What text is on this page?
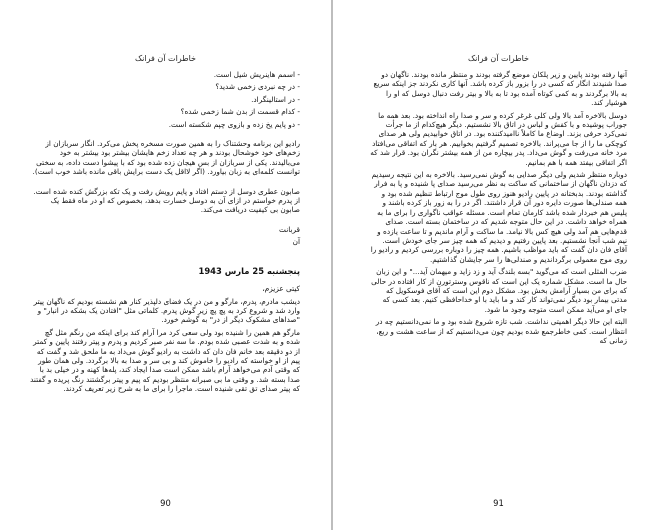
خاطرات آن فرانک

- اسمم هاینریش شیل است.

- در چه نبردی زخمی شدید؟

- در استالینگراد.

- کدام قسمت از بدن شما زخمی شده؟

- دو پایم یخ زده و بازوی چپم شکسته است.

رادیو این برنامه وحشتناک را به همین صورت مسخره پخش می‌کرد. انگار سربازان از زخم‌های خود خوشحال بودند و هر چه تعداد زخم هایشان بیشتر بود بیشتر به خود می‌بالیدند. یکی از سربازان از بس هیجان زده شده بود که با پیشوا دست داده، به سختی توانست کلمه‌ای به زبان بیاورد. (اگر لااقل یک دست برایش باقی مانده باشد خوب است).

صابون عطری دوسل از دستم افتاد و پایم رویش رفت و یک تکه بزرگش کنده شده است. از پدرم خواستم در ازای آن به دوسل خسارت بدهد، بخصوص که او در ماه فقط یک صابون بی کیفیت دریافت می‌کند.

قربانت

آن

پنجشنبه 25 مارس 1943

کیتی عزیزم،

دیشب مادرم، پدرم، مارگو و من در یک فضای دلپذیر کنار هم نشسته بودیم که ناگهان پیتر وارد شد و شروع کرد به پچ پچ زیر گوش پدرم. کلماتی مثل "افتادن یک بشکه در انبار" و "صداهای مشکوک دیگر از در" به گوشم خورد.

مارگو هم همین را شنیده بود ولی سعی کرد مرا آرام کند برای اینکه من رنگم مثل گچ شده و به شدت عصبی شده بودم. ما سه نفر صبر کردیم و پدرم و پیتر رفتند پایین و کمتر از دو دقیقه بعد خانم فان دان که داشت به رادیو گوش می‌داد به ما ملحق شد و گفت که پیم از او خواسته که رادیو را خاموش کند و بی سر و صدا به بالا برگردد. ولی همان طور که وقتی آدم می‌خواهد آرام باشد ممکن است صدا ایجاد کند، پله‌ها کهنه و در خیلی بد با صدا بسته شد. و وقتی ما بی صبرانه منتظر بودیم که پیم و پیتر برگشتند رنگ پریده و گفتند که پیتر صدای تق تقی شنیده است. ماجرا را برای ما به شرح زیر تعریف کردند.

90
خاطرات آن فرانک

آنها رفته بودند پایین و زیر پلکان موضع گرفته بودند و منتظر مانده بودند. ناگهان دو صدا شنیدند انگار که کسی در را بزور باز کرده باشد. آنها کاری نکردند جز اینکه سریع به بالا برگردند و به کمی کوتاه آمده بود تا به بالا و بیتر رفت دنبال دوسل که او را هوشیار کند.

دوسل بالاخره آمد بالا ولی کلی غرغر کرده و سر و صدا راه انداخته بود. بعد همه ما جوراب پوشیده و با کفش و لباس در اتاق بالا نشستیم. دیگر هیچ‌کدام از ما جرأت نمی‌کرد حرفی بزند. اوضاع ما کاملاً ناامیدکننده بود. در اتاق خوابیدیم ولی هر صدای کوچکی ما را از جا می‌پراند. بالاخره تصمیم گرفتیم بخوابیم. هر بار که اتفاقی می‌افتاد مرد خانه می‌رفت و گوش می‌داد. پدر بیچاره من از همه بیشتر نگران بود. قرار شد که اگر اتفاقی بیفتد همه با هم بمانیم.

دوباره منتظر شدیم ولی دیگر صدایی به گوش نمی‌رسید. بالاخره به این نتیجه رسیدیم که دزدان ناگهان از ساختمانی که ساکت به نظر می‌رسید صدای پا شنیده و پا به فرار گذاشته بودند. بدبختانه در پایین رادیو هنوز روی طول موج ارتباط تنظیم شده بود و همه صندلی‌ها صورت دایره دور آن قرار داشتند. اگر در را به زور باز کرده باشند و پلیس هم خبردار شده باشد کارمان تمام است. مسئله عواقب ناگواری را برای ما به همراه خواهد داشت. در این حال متوجه شدیم که در ساختمان بسته است. صدای قدم‌هایی هم آمد ولی هیچ کس بالا نیامد. ما ساکت و آرام ماندیم و تا ساعت یازده و نیم شب آنجا نشستیم. بعد پایین رفتیم و دیدیم که همه چیز سر جای خودش است. آقای فان دان گفت که باید مواظب باشیم. همه چیز را دوباره بررسی کردیم و رادیو را روی موج معمولی برگرداندیم و صندلی‌ها را سر جایشان گذاشتیم.

ضرب المثلی است که می‌گوید "بسه بلندگ آید و زد زاید و میهمان آید..." و این زبان حال ما است. مشکل شماره یک این است که ناقوس وسترتورن از کار افتاده در حالی که برای من بسیار آرامش بخش بود. مشکل دوم این است که آقای فوسکویل که مدتی بیمار بود دیگر نمی‌تواند کار کند و ما باید با او خداحافظی کنیم. بعد کسی که جای او می‌آید ممکن است متوجه وجود ما شود.

البته این حالا دیگر اهمیتی نداشت. شب تازه شروع شده بود و ما نمی‌دانستیم چه در انتظار است. کمی خاطرجمع شده بودیم چون می‌دانستیم که از ساعت هشت و ربع، زمانی که

91
